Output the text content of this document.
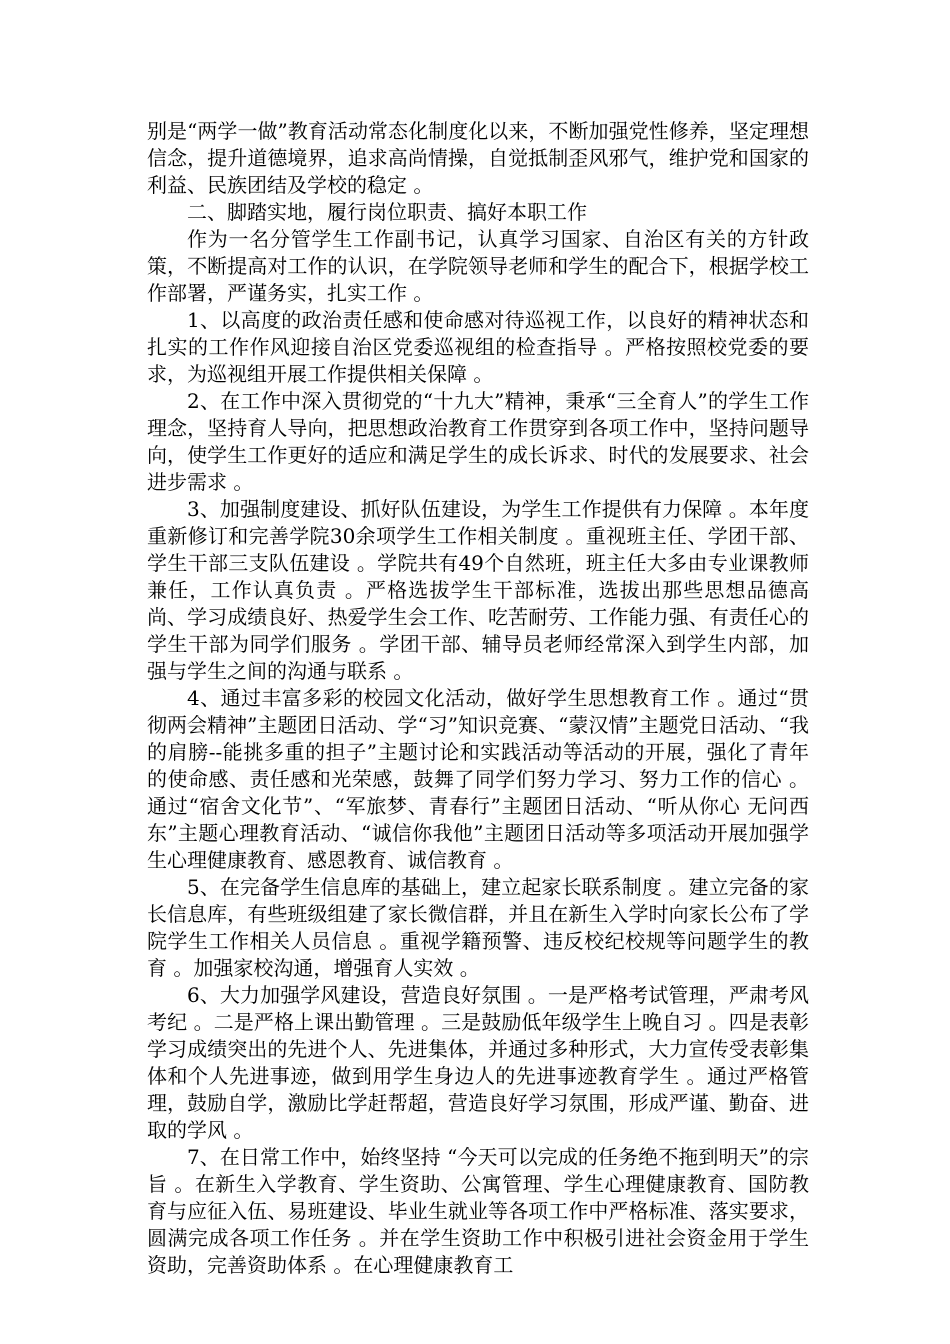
别是“两学一做”教育活动常态化制度化以来，不断加强党性修养，坚定理想信念，提升道德境界，追求高尚情操，自觉抵制歪风邪气，维护党和国家的利益、民族团结及学校的稳定 。

二、脚踏实地，履行岗位职责、搞好本职工作

作为一名分管学生工作副书记，认真学习国家、自治区有关的方针政策，不断提高对工作的认识，在学院领导老师和学生的配合下，根据学校工作部署，严谨务实，扎实工作 。

1、以高度的政治责任感和使命感对待巡视工作，以良好的精神状态和扎实的工作作风迎接自治区党委巡视组的检查指导 。严格按照校党委的要求，为巡视组开展工作提供相关保障 。

2、在工作中深入贯彻党的“十九大”精神，秉承“三全育人”的学生工作理念，坚持育人导向，把思想政治教育工作贯穿到各项工作中，坚持问题导向，使学生工作更好的适应和满足学生的成长诉求、时代的发展要求、社会进步需求 。

3、加强制度建设、抓好队伍建设，为学生工作提供有力保障 。本年度重新修订和完善学院30余项学生工作相关制度 。重视班主任、学团干部、学生干部三支队伍建设 。学院共有49个自然班，班主任大多由专业课教师兼任，工作认真负责 。严格选拔学生干部标准，选拔出那些思想品德高尚、学习成绩良好、热爱学生会工作、吃苦耐劳、工作能力强、有责任心的学生干部为同学们服务 。学团干部、辅导员老师经常深入到学生内部，加强与学生之间的沟通与联系 。

4、通过丰富多彩的校园文化活动，做好学生思想教育工作 。通过“贯彻两会精神”主题团日活动、学“习”知识竞赛、“蒙汉情”主题党日活动、“我的肩膀--能挑多重的担子”主题讨论和实践活动等活动的开展，强化了青年的使命感、责任感和光荣感，鼓舞了同学们努力学习、努力工作的信心 。通过“宿舍文化节”、“军旅梦、青春行”主题团日活动、“听从你心 无问西东”主题心理教育活动、“诚信你我他”主题团日活动等多项活动开展加强学生心理健康教育、感恩教育、诚信教育 。

5、在完备学生信息库的基础上，建立起家长联系制度 。建立完备的家长信息库，有些班级组建了家长微信群，并且在新生入学时向家长公布了学院学生工作相关人员信息 。重视学籍预警、违反校纪校规等问题学生的教育 。加强家校沟通，增强育人实效 。

6、大力加强学风建设，营造良好氛围 。一是严格考试管理，严肃考风考纪 。二是严格上课出勤管理 。三是鼓励低年级学生上晚自习 。四是表彰学习成绩突出的先进个人、先进集体，并通过多种形式，大力宣传受表彰集体和个人先进事迹，做到用学生身边人的先进事迹教育学生 。通过严格管理，鼓励自学，激励比学赶帮超，营造良好学习氛围，形成严谨、勤奋、进取的学风 。

7、在日常工作中，始终坚持 “今天可以完成的任务绝不拖到明天”的宗旨 。在新生入学教育、学生资助、公寓管理、学生心理健康教育、国防教育与应征入伍、易班建设、毕业生就业等各项工作中严格标准、落实要求，圆满完成各项工作任务 。并在学生资助工作中积极引进社会资金用于学生资助，完善资助体系 。在心理健康教育工
